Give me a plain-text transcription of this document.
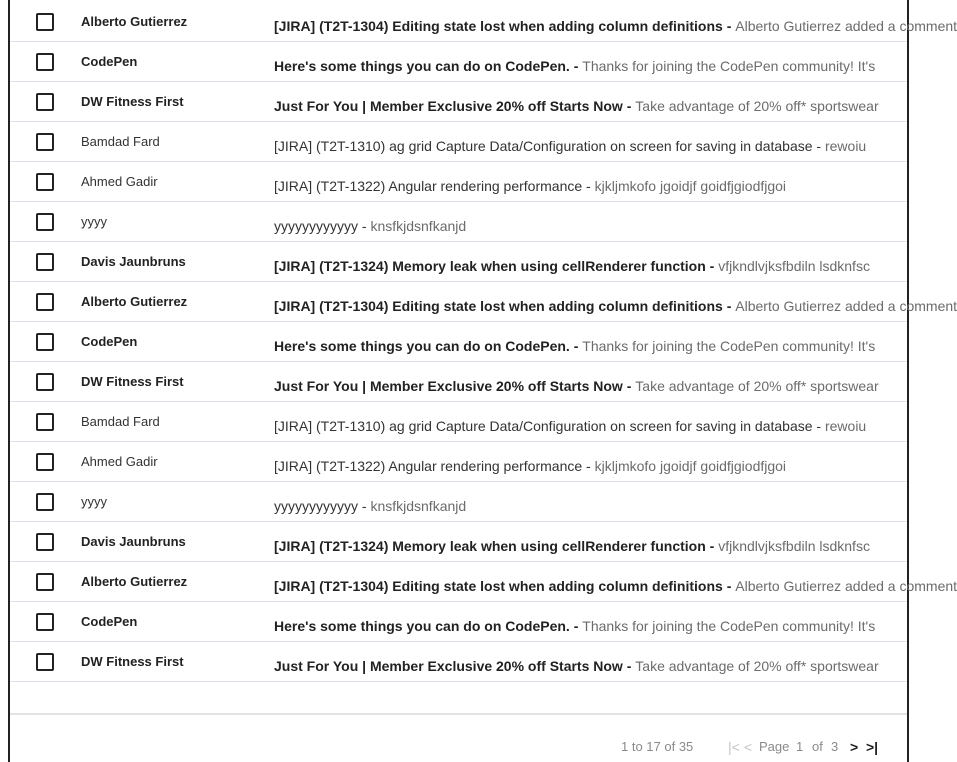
Alberto Gutierrez	[JIRA] (T2T-1304) Editing state lost when adding column definitions - Alberto Gutierrez added a comment
CodePen	Here's some things you can do on CodePen. - Thanks for joining the CodePen community! It's
DW Fitness First	Just For You | Member Exclusive 20% off Starts Now - Take advantage of 20% off* sportswear
Bamdad Fard	[JIRA] (T2T-1310) ag grid Capture Data/Configuration on screen for saving in database - rewoiu
Ahmed Gadir	[JIRA] (T2T-1322) Angular rendering performance - kjkljmkofo jgoidjf goidfjgiodfjgoi
yyyy	yyyyyyyyyyyy - knsfkjdsnfkanjd
Davis Jaunbruns	[JIRA] (T2T-1324) Memory leak when using cellRenderer function - vfjkndlvjksfbdiln lsdknfsc
Alberto Gutierrez	[JIRA] (T2T-1304) Editing state lost when adding column definitions - Alberto Gutierrez added a comment
CodePen	Here's some things you can do on CodePen. - Thanks for joining the CodePen community! It's
DW Fitness First	Just For You | Member Exclusive 20% off Starts Now - Take advantage of 20% off* sportswear
Bamdad Fard	[JIRA] (T2T-1310) ag grid Capture Data/Configuration on screen for saving in database - rewoiu
Ahmed Gadir	[JIRA] (T2T-1322) Angular rendering performance - kjkljmkofo jgoidjf goidfjgiodfjgoi
yyyy	yyyyyyyyyyyy - knsfkjdsnfkanjd
Davis Jaunbruns	[JIRA] (T2T-1324) Memory leak when using cellRenderer function - vfjkndlvjksfbdiln lsdknfsc
Alberto Gutierrez	[JIRA] (T2T-1304) Editing state lost when adding column definitions - Alberto Gutierrez added a comment
CodePen	Here's some things you can do on CodePen. - Thanks for joining the CodePen community! It's
DW Fitness First	Just For You | Member Exclusive 20% off Starts Now - Take advantage of 20% off* sportswear
1 to 17 of 35 |< < Page 1 of 3 > >|
